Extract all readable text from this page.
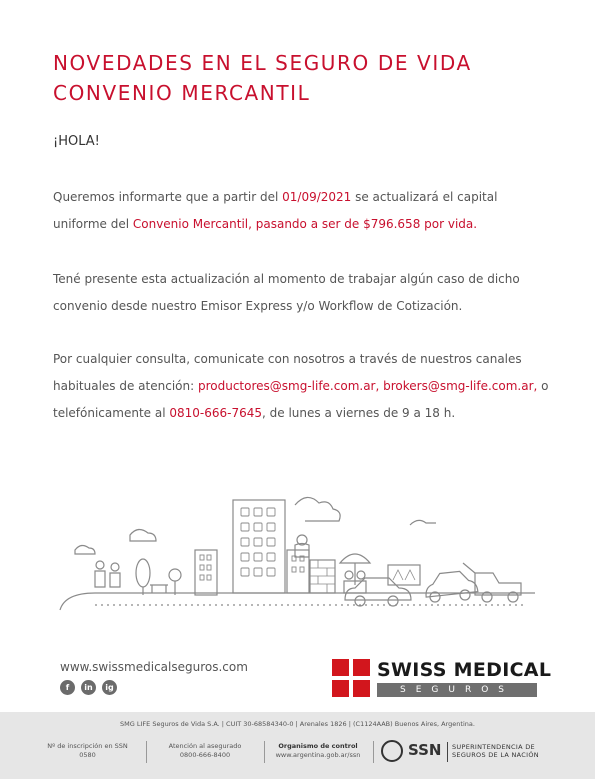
NOVEDADES EN EL SEGURO DE VIDA
CONVENIO MERCANTIL
¡HOLA!

Queremos informarte que a partir del 01/09/2021 se actualizará el capital uniforme del Convenio Mercantil, pasando a ser de $796.658 por vida.

Tené presente esta actualización al momento de trabajar algún caso de dicho convenio desde nuestro Emisor Express y/o Workflow de Cotización.

Por cualquier consulta, comunicate con nosotros a través de nuestros canales habituales de atención: productores@smg-life.com.ar, brokers@smg-life.com.ar, o telefónicamente al 0810-666-7645, de lunes a viernes de 9 a 18 h.

www.swissmedicalseguros.com
f	in	ig
SWISS MEDICAL
SEGUROS
SMG LIFE Seguros de Vida S.A. | CUIT 30-68584340-0 | Arenales 1826 | (C1124AAB) Buenos Aires, Argentina.
Nº de inscripción en SSN
0580
Atención al asegurado
0800-666-8400
Organismo de control
www.argentina.gob.ar/ssn	SSN SUPERINTENDENCIA DE
SEGUROS DE LA NACIÓN
